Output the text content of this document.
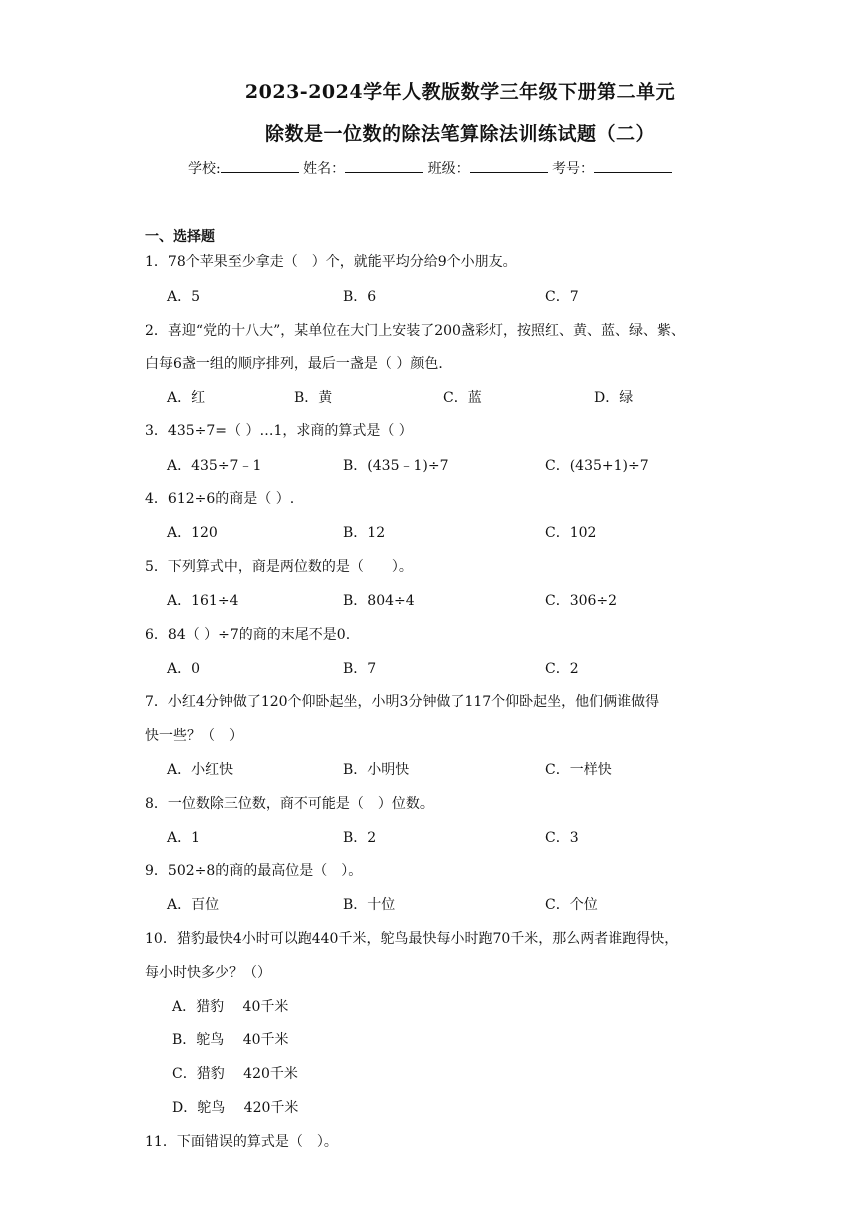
2023-2024学年人教版数学三年级下册第二单元
除数是一位数的除法笔算除法训练试题（二）
学校:	姓名：	班级：	考号：
一、选择题
1．78个苹果至少拿走（　）个，就能平均分给9个小朋友。
A．5	B．6	C．7
2．喜迎“党的十八大”，某单位在大门上安装了200盏彩灯，按照红、黄、蓝、绿、紫、
白每6盏一组的顺序排列，最后一盏是（ ）颜色．
A．红	B．黄	C．蓝	D．绿
3．435÷7=（ ）…1，求商的算式是（ ）
A．435÷7﹣1	B．(435﹣1)÷7	C．(435+1)÷7
4．612÷6的商是（ ）.
A．120	B．12	C．102
5．下列算式中，商是两位数的是（　　）。
A．161÷4	B．804÷4	C．306÷2
6．84（ ）÷7的商的末尾不是0.
A．0	B．7	C．2
7．小红4分钟做了120个仰卧起坐，小明3分钟做了117个仰卧起坐，他们俩谁做得
快一些？（　）
A．小红快	B．小明快	C．一样快
8．一位数除三位数，商不可能是（　）位数。
A．1	B．2	C．3
9．502÷8的商的最高位是（　）。
A．百位	B．十位	C．个位
10．猎豹最快4小时可以跑440千米，鸵鸟最快每小时跑70千米，那么两者谁跑得快，
每小时快多少？（）
A．猎豹　 40千米
B．鸵鸟　 40千米
C．猎豹　 420千米
D．鸵鸟　 420千米
11．下面错误的算式是（　）。
